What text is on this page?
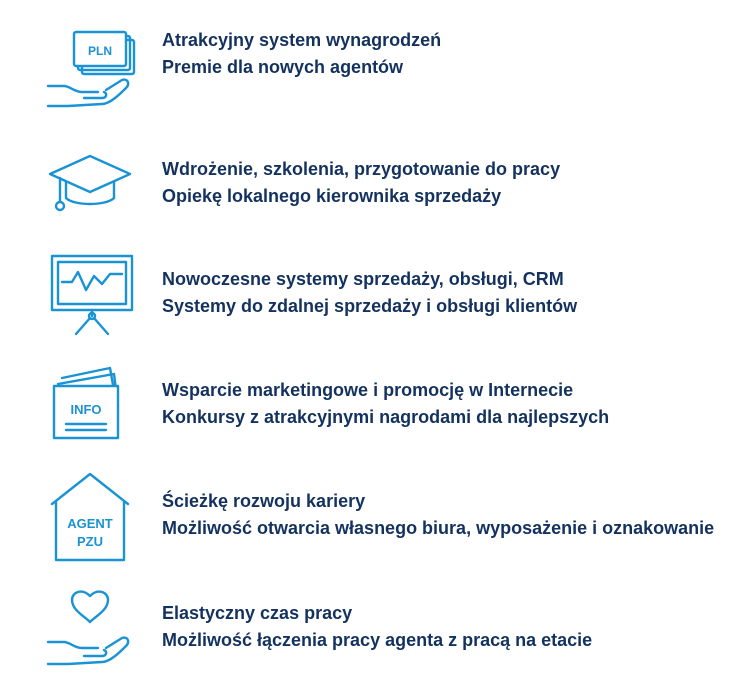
PLN
Atrakcyjny system wynagrodzeń
Premie dla nowych agentów
Wdrożenie, szkolenia, przygotowanie do pracy
Opiekę lokalnego kierownika sprzedaży
Nowoczesne systemy sprzedaży, obsługi, CRM
Systemy do zdalnej sprzedaży i obsługi klientów
INFO
Wsparcie marketingowe i promocję w Internecie
Konkursy z atrakcyjnymi nagrodami dla najlepszych
AGENT
PZU
Ścieżkę rozwoju kariery
Możliwość otwarcia własnego biura, wyposażenie i oznakowanie
Elastyczny czas pracy
Możliwość łączenia pracy agenta z pracą na etacie
